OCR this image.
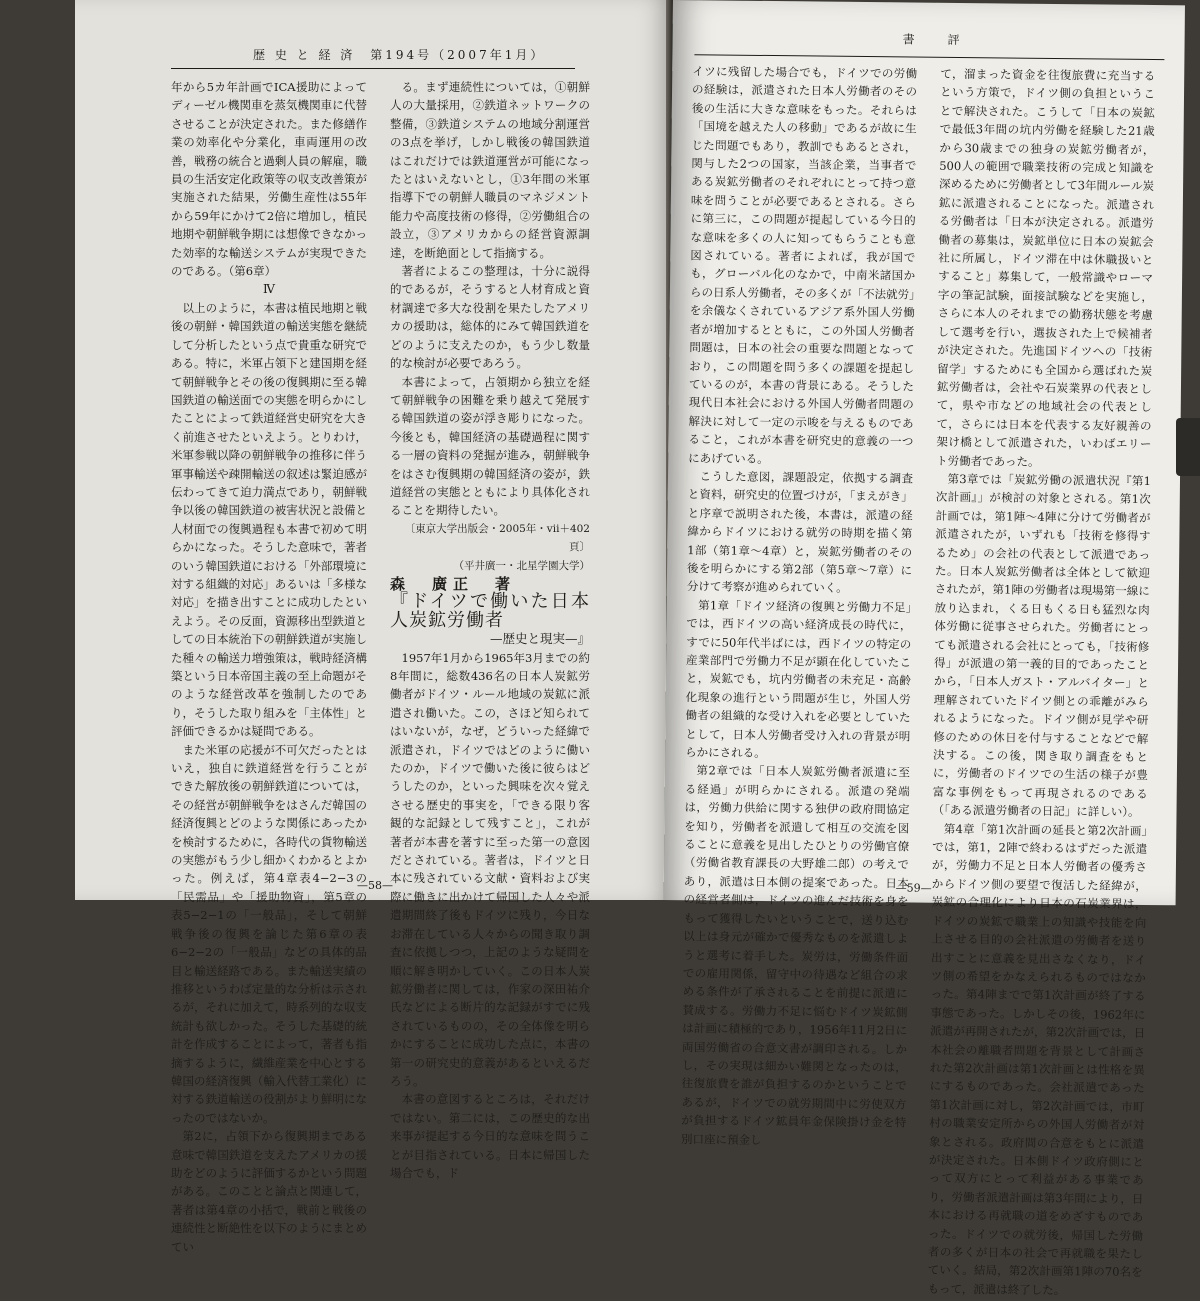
歴 史 と 経 済　第194号（2007年1月）

年から5カ年計画でICA援助によってディーゼル機関車を蒸気機関車に代替させることが決定された。また修繕作業の効率化や分業化，車両運用の改善，戦務の統合と過剰人員の解雇，職員の生活安定化政策等の収支改善策が実施された結果，労働生産性は55年から59年にかけて2倍に増加し，植民地期や朝鮮戦争期には想像できなかった効率的な輸送システムが実現できたのである。（第6章）

Ⅳ

以上のように，本書は植民地期と戦後の朝鮮・韓国鉄道の輸送実態を継続して分析したという点で貴重な研究である。特に，米軍占領下と建国期を経て朝鮮戦争とその後の復興期に至る韓国鉄道の輸送面での実態を明らかにしたことによって鉄道経営史研究を大きく前進させたといえよう。とりわけ，米軍参戦以降の朝鮮戦争の推移に伴う軍事輸送や疎開輸送の叙述は緊迫感が伝わってきて迫力満点であり，朝鮮戦争以後の韓国鉄道の被害状況と設備と人材面での復興過程も本書で初めて明らかになった。そうした意味で，著者のいう韓国鉄道における「外部環境に対する組織的対応」あるいは「多様な対応」を描き出すことに成功したといえよう。その反面，資源移出型鉄道としての日本統治下の朝鮮鉄道が実施した種々の輸送力増強策は，戦時経済構築という日本帝国主義の至上命題がそのような経営改革を強制したのであり，そうした取り組みを「主体性」と評価できるかは疑問である。

また米軍の応援が不可欠だったとはいえ，独自に鉄道経営を行うことができた解放後の朝鮮鉄道については，その経営が朝鮮戦争をはさんだ韓国の経済復興とどのような関係にあったかを検討するために，各時代の貨物輸送の実態がもう少し細かくわかるとよかった。例えば，第4章表4−2−3の「民需品」や「援助物資」，第5章の表5−2−1の「一般品」，そして朝鮮戦争後の復興を論じた第6章の表6−2−2の「一般品」などの具体的品目と輸送経路である。また輸送実績の推移というわば定量的な分析は示されるが，それに加えて，時系列的な収支統計も欲しかった。そうした基礎的統計を作成することによって，著者も指摘するように，繊維産業を中心とする韓国の経済復興（輸入代替工業化）に対する鉄道輸送の役割がより鮮明になったのではないか。

第2に，占領下から復興期まである意味で韓国鉄道を支えたアメリカの援助をどのように評価するかという問題がある。このことと論点と関連して，著者は第4章の小括で，戦前と戦後の連続性と断絶性を以下のようにまとめてい

る。まず連続性については，①朝鮮人の大量採用，②鉄道ネットワークの整備，③鉄道システムの地域分割運営の3点を挙げ，しかし戦後の韓国鉄道はこれだけでは鉄道運営が可能になったとはいえないとし，①3年間の米軍指導下での朝鮮人職員のマネジメント能力や高度技術の修得，②労働組合の設立，③アメリカからの経営資源調達，を断絶面として指摘する。

著者によるこの整理は，十分に説得的であるが，そうすると人材育成と資材調達で多大な役割を果たしたアメリカの援助は，総体的にみて韓国鉄道をどのように支えたのか，もう少し数量的な検討が必要であろう。

本書によって，占領期から独立を経て朝鮮戦争の困難を乗り越えて発展する韓国鉄道の姿が浮き彫りになった。今後とも，韓国経済の基礎過程に関する一層の資料の発掘が進み，朝鮮戦争をはさむ復興期の韓国経済の姿が，鉄道経営の実態とともにより具体化されることを期待したい。

〔東京大学出版会・2005年・vii＋402頁〕

（平井廣一・北星学園大学）

森　廣正　著

『ドイツで働いた日本人炭鉱労働者

—歴史と現実—』

1957年1月から1965年3月までの約8年間に，総数436名の日本人炭鉱労働者がドイツ・ルール地域の炭鉱に派遣され働いた。この，さほど知られてはいないが，なぜ，どういった経緯で派遣され，ドイツではどのように働いたのか，ドイツで働いた後に彼らはどうしたのか，といった興味を次々覚えさせる歴史的事実を，「できる限り客観的な記録として残すこと」，これが著者が本書を著すに至った第一の意図だとされている。著者は，ドイツと日本に残されている文献・資料および実際に働きに出かけて帰国した人々や派遣期間終了後もドイツに残り，今日なお滞在している人々からの聞き取り調査に依拠しつつ，上記のような疑問を順に解き明かしていく。この日本人炭鉱労働者に関しては，作家の深田祐介氏などによる断片的な記録がすでに残されているものの，その全体像を明らかにすることに成功した点に，本書の第一の研究史的意義があるといえるだろう。

本書の意図するところは，それだけではない。第二には，この歴史的な出来事が提起する今日的な意味を問うことが目指されている。日本に帰国した場合でも，ド

—58—
書　　評

イツに残留した場合でも，ドイツでの労働の経験は，派遣された日本人労働者のその後の生活に大きな意味をもった。それらは「国境を越えた人の移動」であるが故に生じた問題でもあり，教訓でもあるとされ，関与した2つの国家，当該企業，当事者である炭鉱労働者のそれぞれにとって持つ意味を問うことが必要であるとされる。さらに第三に，この問題が提起している今日的な意味を多くの人に知ってもらうことも意図されている。著者によれば，我が国でも，グローバル化のなかで，中南米諸国からの日系人労働者，その多くが「不法就労」を余儀なくされているアジア系外国人労働者が増加するとともに，この外国人労働者問題は，日本の社会の重要な問題となっており，この問題を問う多くの課題を提起しているのが，本書の背景にある。そうした現代日本社会における外国人労働者問題の解決に対して一定の示唆を与えるものであること，これが本書を研究史的意義の一つにあげている。

こうした意図，課題設定，依拠する調査と資料，研究史的位置づけが，「まえがき」と序章で説明された後，本書は，派遣の経緯からドイツにおける就労の時期を描く第1部（第1章〜4章）と，炭鉱労働者のその後を明らかにする第2部（第5章〜7章）に分けて考察が進められていく。

第1章「ドイツ経済の復興と労働力不足」では，西ドイツの高い経済成長の時代に，すでに50年代半ばには，西ドイツの特定の産業部門で労働力不足が顕在化していたこと，炭鉱でも，坑内労働者の未充足・高齢化現象の進行という問題が生じ，外国人労働者の組織的な受け入れを必要としていたとして，日本人労働者受け入れの背景が明らかにされる。

第2章では「日本人炭鉱労働者派遣に至る経過」が明らかにされる。派遣の発端は，労働力供給に関する独伊の政府間協定を知り，労働者を派遣して相互の交流を図ることに意義を見出したひとりの労働官僚（労働省教育課長の大野雄二郎）の考えであり，派遣は日本側の提案であった。日本の経営者側は，ドイツの進んだ技術を身をもって獲得したいということで，送り込む以上は身元が確かで優秀なものを派遣しようと選考に着手した。炭労は，労働条件面での雇用関係，留守中の待遇など組合の求める条件が了承されることを前提に派遣に賛成する。労働力不足に悩むドイツ炭鉱側は計画に積極的であり，1956年11月2日に両国労働省の合意文書が調印される。しかし，その実現は細かい難関となったのは，往復旅費を誰が負担するのかということであるが，ドイツでの就労期間中に労使双方が負担するドイツ鉱員年金保険掛け金を特別口座に預金し

て，溜まった資金を往復旅費に充当するという方策で，ドイツ側の負担ということで解決された。こうして「日本の炭鉱で最低3年間の坑内労働を経験した21歳から30歳までの独身の炭鉱労働者が，500人の範囲で職業技術の完成と知識を深めるために労働者として3年間ルール炭鉱に派遣されることになった。派遣される労働者は「日本が決定される。派遣労働者の募集は，炭鉱単位に日本の炭鉱会社に所属し，ドイツ滞在中は休職扱いとすること」募集して，一般常識やローマ字の筆記試験，面接試験などを実施し，さらに本人のそれまでの勤務状態を考慮して選考を行い，選抜された上で候補者が決定された。先進国ドイツへの「技術留学」するためにも全国から選ばれた炭鉱労働者は，会社や石炭業界の代表として，県や市などの地域社会の代表として，さらには日本を代表する友好親善の架け橋として派遣された，いわばエリート労働者であった。

第3章では「炭鉱労働の派遣状況『第1次計画』」が検討の対象とされる。第1次計画では，第1陣〜4陣に分けて労働者が派遣されたが，いずれも「技術を修得するため」の会社の代表として派遣であった。日本人炭鉱労働者は全体として歓迎されたが，第1陣の労働者は現場第一線に放り込まれ，くる日もくる日も猛烈な肉体労働に従事させられた。労働者にとっても派遣される会社にとっても，「技術修得」が派遣の第一義的目的であったことから，「日本人ガスト・アルバイター」と理解されていたドイツ側との乖離がみられるようになった。ドイツ側が見学や研修のための休日を付与することなどで解決する。この後，関き取り調査をもとに，労働者のドイツでの生活の様子が豊富な事例をもって再現されるのである（「ある派遣労働者の日記」に詳しい）。

第4章「第1次計画の延長と第2次計画」では，第1，2陣で終わるはずだった派遣が，労働力不足と日本人労働者の優秀さからドイツ側の要望で復活した経緯が，炭鉱の合理化により日本の石炭業界は，ドイツの炭鉱で職業上の知識や技能を向上させる目的の会社派遣の労働者を送り出すことに意義を見出さなくなり，ドイツ側の希望をかなえられるものではなかった。第4陣までで第1次計画が終了する事態であった。しかしその後，1962年に派遣が再開されたが，第2次計画では，日本社会の離職者問題を背景として計画された第2次計画は第1次計画とは性格を異にするものであった。会社派遣であった第1次計画に対し，第2次計画では，市町村の職業安定所からの外国人労働者が対象とされる。政府間の合意をもとに派遣が決定された。日本側ドイツ政府側にとって双方にとって利益がある事業であり，労働者派遣計画は第3年間により，日本における再就職の道をめざすものであった。ドイツでの就労後，帰国した労働者の多くが日本の社会で再就職を果たしていく。結局，第2次計画第1陣の70名をもって，派遣は終了した。

—59—
